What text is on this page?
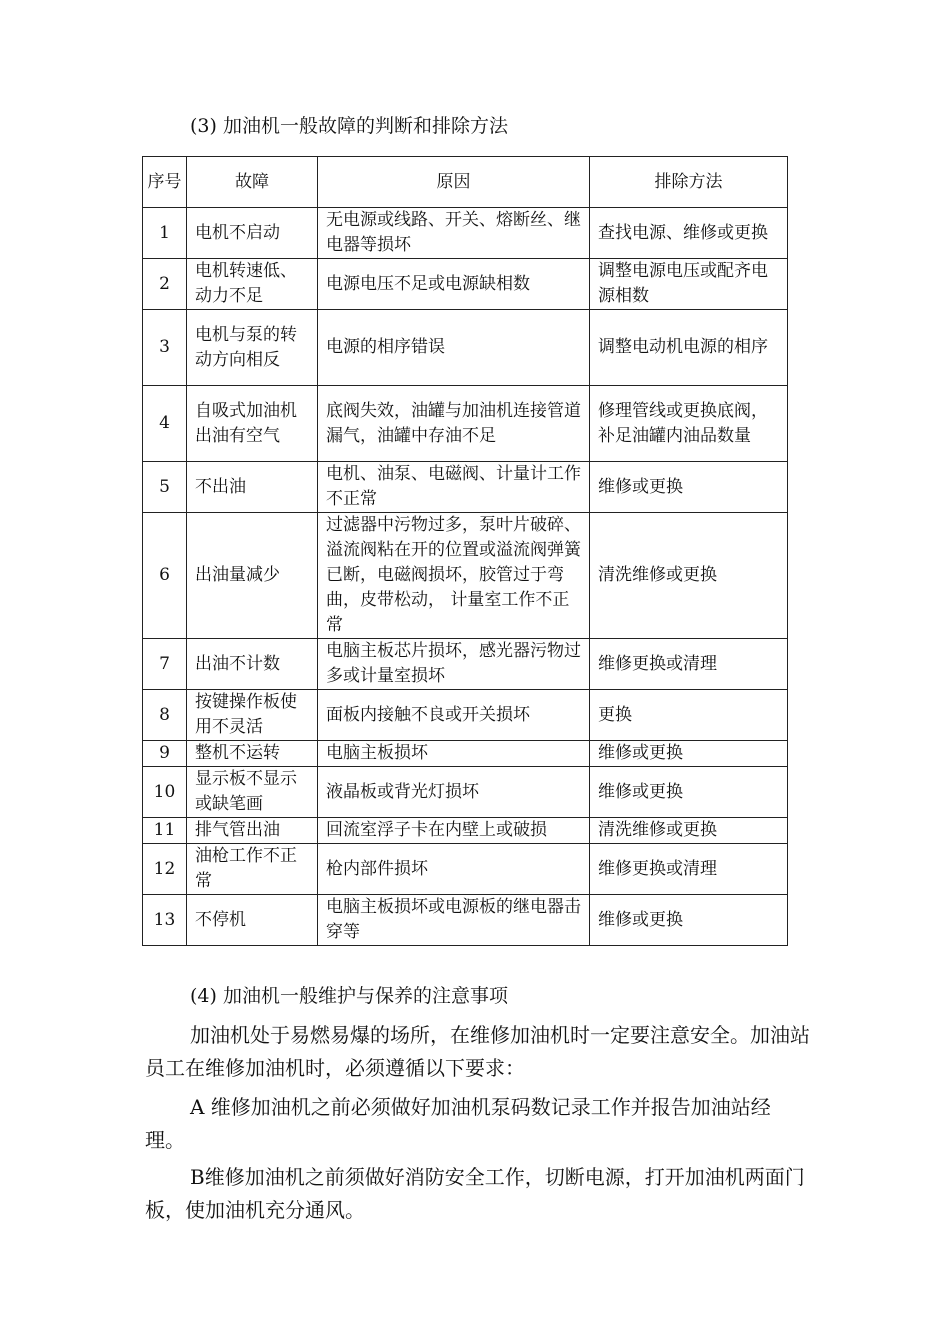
(3) 加油机一般故障的判断和排除方法
序号	故障	原因	排除方法
1	电机不启动	无电源或线路、开关、熔断丝、继电器等损坏	查找电源、维修或更换
2	电机转速低、动力不足	电源电压不足或电源缺相数	调整电源电压或配齐电源相数
3	电机与泵的转动方向相反	电源的相序错误	调整电动机电源的相序
4	自吸式加油机出油有空气	底阀失效，油罐与加油机连接管道漏气，油罐中存油不足	修理管线或更换底阀，补足油罐内油品数量
5	不出油	电机、油泵、电磁阀、计量计工作不正常	维修或更换
6	出油量减少	过滤器中污物过多，泵叶片破碎、溢流阀粘在开的位置或溢流阀弹簧已断，电磁阀损坏，胶管过于弯曲，皮带松动， 计量室工作不正常	清洗维修或更换
7	出油不计数	电脑主板芯片损坏，感光器污物过多或计量室损坏	维修更换或清理
8	按键操作板使用不灵活	面板内接触不良或开关损坏	更换
9	整机不运转	电脑主板损坏	维修或更换
10	显示板不显示或缺笔画	液晶板或背光灯损坏	维修或更换
11	排气管出油	回流室浮子卡在内壁上或破损	清洗维修或更换
12	油枪工作不正常	枪内部件损坏	维修更换或清理
13	不停机	电脑主板损坏或电源板的继电器击穿等	维修或更换
(4) 加油机一般维护与保养的注意事项

加油机处于易燃易爆的场所，在维修加油机时一定要注意安全。加油站员工在维修加油机时，必须遵循以下要求：

A 维修加油机之前必须做好加油机泵码数记录工作并报告加油站经理。

B维修加油机之前须做好消防安全工作，切断电源，打开加油机两面门板，使加油机充分通风。
